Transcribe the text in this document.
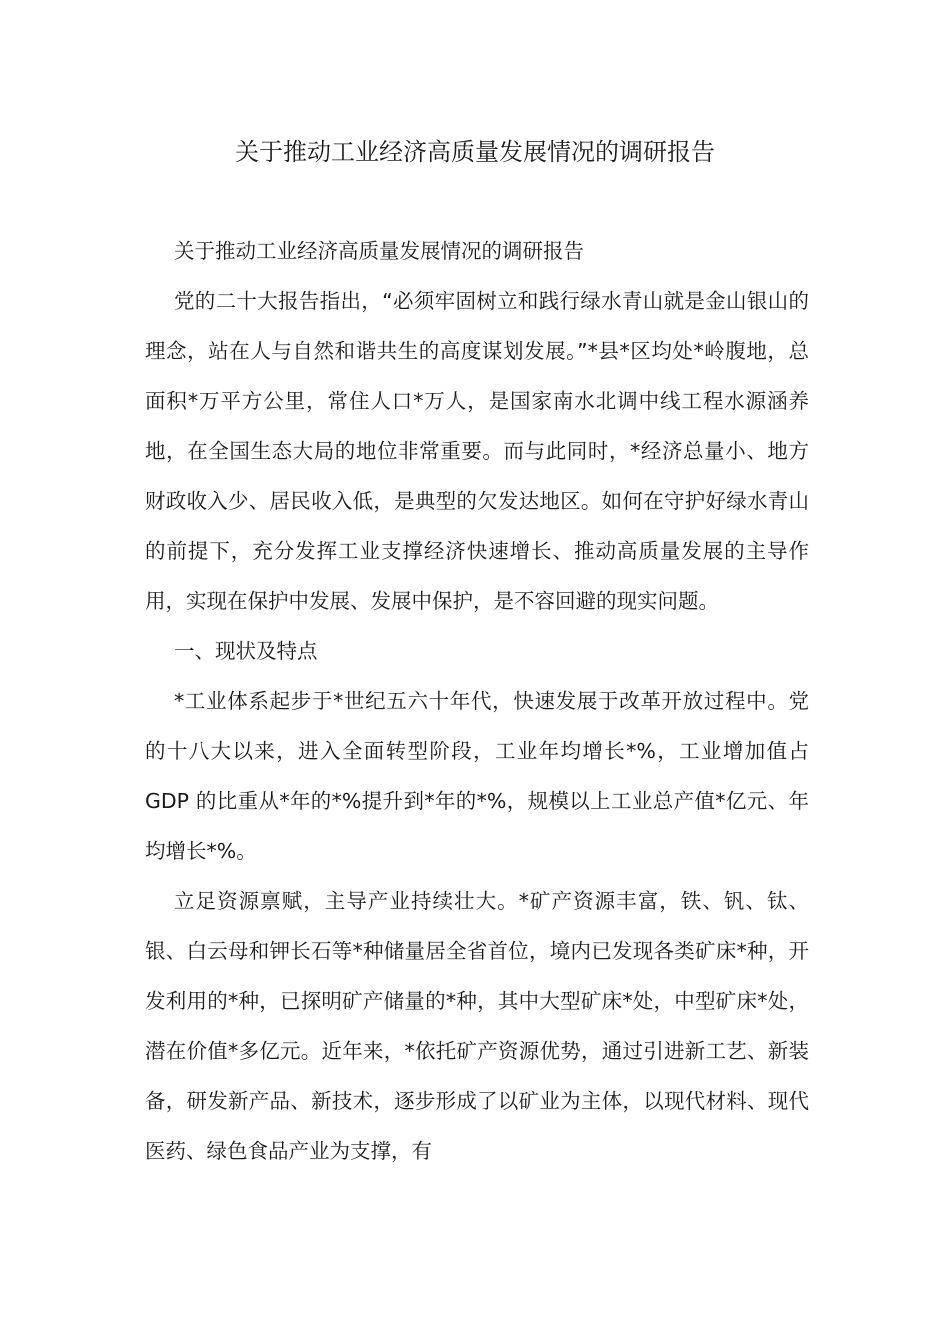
关于推动工业经济高质量发展情况的调研报告

关于推动工业经济高质量发展情况的调研报告

党的二十大报告指出，“必须牢固树立和践行绿水青山就是金山银山的理念，站在人与自然和谐共生的高度谋划发展。”*县*区均处*岭腹地，总面积*万平方公里，常住人口*万人，是国家南水北调中线工程水源涵养地，在全国生态大局的地位非常重要。而与此同时，*经济总量小、地方财政收入少、居民收入低，是典型的欠发达地区。如何在守护好绿水青山的前提下，充分发挥工业支撑经济快速增长、推动高质量发展的主导作用，实现在保护中发展、发展中保护，是不容回避的现实问题。

一、现状及特点

*工业体系起步于*世纪五六十年代，快速发展于改革开放过程中。党的十八大以来，进入全面转型阶段，工业年均增长*%，工业增加值占 GDP 的比重从*年的*%提升到*年的*%，规模以上工业总产值*亿元、年均增长*%。

立足资源禀赋，主导产业持续壮大。*矿产资源丰富，铁、钒、钛、银、白云母和钾长石等*种储量居全省首位，境内已发现各类矿床*种，开发利用的*种，已探明矿产储量的*种，其中大型矿床*处，中型矿床*处，潜在价值*多亿元。近年来，*依托矿产资源优势，通过引进新工艺、新装备，研发新产品、新技术，逐步形成了以矿业为主体，以现代材料、现代医药、绿色食品产业为支撑，有
